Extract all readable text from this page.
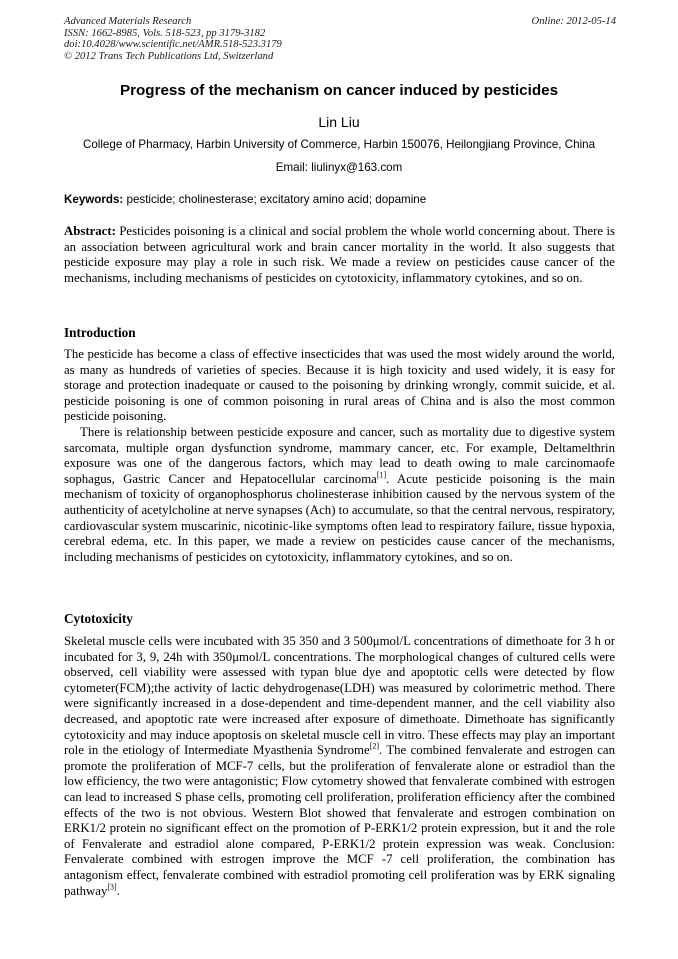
Advanced Materials Research
ISSN: 1662-8985, Vols. 518-523, pp 3179-3182
doi:10.4028/www.scientific.net/AMR.518-523.3179
© 2012 Trans Tech Publications Ltd, Switzerland
Online: 2012-05-14
Progress of the mechanism on cancer induced by pesticides
Lin Liu
College of Pharmacy, Harbin University of Commerce, Harbin 150076, Heilongjiang Province, China
Email: liulinyx@163.com
Keywords: pesticide; cholinesterase; excitatory amino acid; dopamine

Abstract: Pesticides poisoning is a clinical and social problem the whole world concerning about. There is an association between agricultural work and brain cancer mortality in the world. It also suggests that pesticide exposure may play a role in such risk. We made a review on pesticides cause cancer of the mechanisms, including mechanisms of pesticides on cytotoxicity, inflammatory cytokines, and so on.

Introduction

The pesticide has become a class of effective insecticides that was used the most widely around the world, as many as hundreds of varieties of species. Because it is high toxicity and used widely, it is easy for storage and protection inadequate or caused to the poisoning by drinking wrongly, commit suicide, et al. pesticide poisoning is one of common poisoning in rural areas of China and is also the most common pesticide poisoning.

There is relationship between pesticide exposure and cancer, such as mortality due to digestive system sarcomata, multiple organ dysfunction syndrome, mammary cancer, etc. For example, Deltamelthrin exposure was one of the dangerous factors, which may lead to death owing to male carcinomaofe sophagus, Gastric Cancer and Hepatocellular carcinoma[1]. Acute pesticide poisoning is the main mechanism of toxicity of organophosphorus cholinesterase inhibition caused by the nervous system of the authenticity of acetylcholine at nerve synapses (Ach) to accumulate, so that the central nervous, respiratory, cardiovascular system muscarinic, nicotinic-like symptoms often lead to respiratory failure, tissue hypoxia, cerebral edema, etc. In this paper, we made a review on pesticides cause cancer of the mechanisms, including mechanisms of pesticides on cytotoxicity, inflammatory cytokines, and so on.

Cytotoxicity

Skeletal muscle cells were incubated with 35 350 and 3 500μmol/L concentrations of dimethoate for 3 h or incubated for 3, 9, 24h with 350μmol/L concentrations. The morphological changes of cultured cells were observed, cell viability were assessed with typan blue dye and apoptotic cells were detected by flow cytometer(FCM);the activity of lactic dehydrogenase(LDH) was measured by colorimetric method. There were significantly increased in a dose-dependent and time-dependent manner, and the cell viability also decreased, and apoptotic rate were increased after exposure of dimethoate. Dimethoate has significantly cytotoxicity and may induce apoptosis on skeletal muscle cell in vitro. These effects may play an important role in the etiology of Intermediate Myasthenia Syndrome[2]. The combined fenvalerate and estrogen can promote the proliferation of MCF-7 cells, but the proliferation of fenvalerate alone or estradiol than the low efficiency, the two were antagonistic; Flow cytometry showed that fenvalerate combined with estrogen can lead to increased S phase cells, promoting cell proliferation, proliferation efficiency after the combined effects of the two is not obvious. Western Blot showed that fenvalerate and estrogen combination on ERK1/2 protein no significant effect on the promotion of P-ERK1/2 protein expression, but it and the role of Fenvalerate and estradiol alone compared, P-ERK1/2 protein expression was weak. Conclusion: Fenvalerate combined with estrogen improve the MCF -7 cell proliferation, the combination has antagonism effect, fenvalerate combined with estradiol promoting cell proliferation was by ERK signaling pathway[3].
